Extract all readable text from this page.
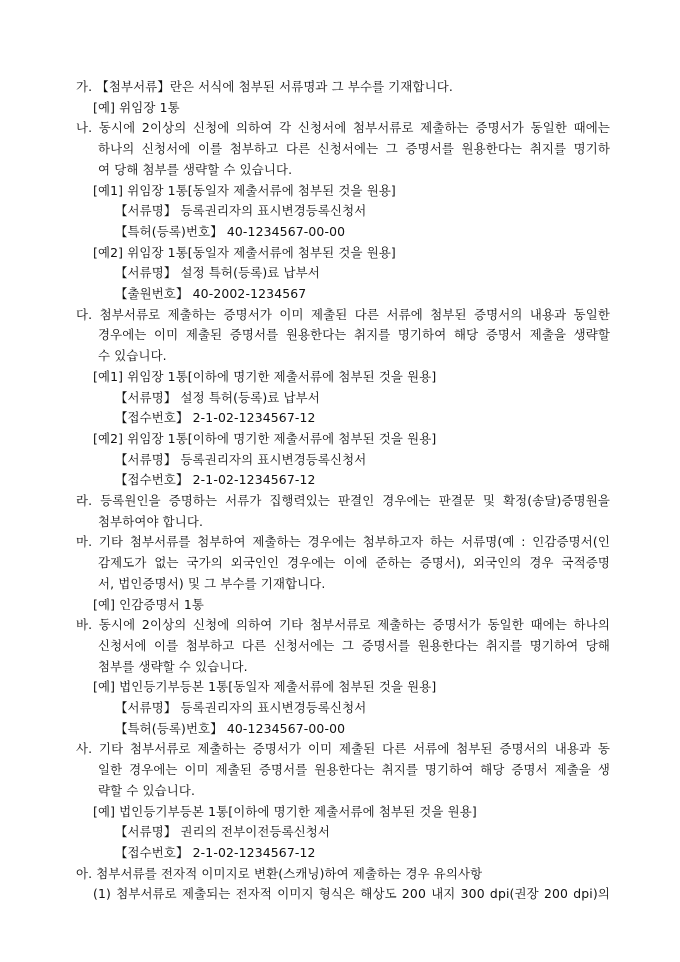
가. 【첨부서류】란은 서식에 첨부된 서류명과 그 부수를 기재합니다.
[예] 위임장 1통
나. 동시에 2이상의 신청에 의하여 각 신청서에 첨부서류로 제출하는 증명서가 동일한 때에는
하나의 신청서에 이를 첨부하고 다른 신청서에는 그 증명서를 원용한다는 취지를 명기하
여 당해 첨부를 생략할 수 있습니다.
[예1] 위임장 1통[동일자 제출서류에 첨부된 것을 원용]
【서류명】 등록권리자의 표시변경등록신청서
【특허(등록)번호】 40-1234567-00-00
[예2] 위임장 1통[동일자 제출서류에 첨부된 것을 원용]
【서류명】 설정 특허(등록)료 납부서
【출원번호】 40-2002-1234567
다. 첨부서류로 제출하는 증명서가 이미 제출된 다른 서류에 첨부된 증명서의 내용과 동일한
경우에는 이미 제출된 증명서를 원용한다는 취지를 명기하여 해당 증명서 제출을 생략할
수 있습니다.
[예1] 위임장 1통[이하에 명기한 제출서류에 첨부된 것을 원용]
【서류명】 설정 특허(등록)료 납부서
【접수번호】 2-1-02-1234567-12
[예2] 위임장 1통[이하에 명기한 제출서류에 첨부된 것을 원용]
【서류명】 등록권리자의 표시변경등록신청서
【접수번호】 2-1-02-1234567-12
라. 등록원인을 증명하는 서류가 집행력있는 판결인 경우에는 판결문 및 확정(송달)증명원을
첨부하여야 합니다.
마. 기타 첨부서류를 첨부하여 제출하는 경우에는 첨부하고자 하는 서류명(예 : 인감증명서(인
감제도가 없는 국가의 외국인인 경우에는 이에 준하는 증명서), 외국인의 경우 국적증명
서, 법인증명서) 및 그 부수를 기재합니다.
[예] 인감증명서 1통
바. 동시에 2이상의 신청에 의하여 기타 첨부서류로 제출하는 증명서가 동일한 때에는 하나의
신청서에 이를 첨부하고 다른 신청서에는 그 증명서를 원용한다는 취지를 명기하여 당해
첨부를 생략할 수 있습니다.
[예] 법인등기부등본 1통[동일자 제출서류에 첨부된 것을 원용]
【서류명】 등록권리자의 표시변경등록신청서
【특허(등록)번호】 40-1234567-00-00
사. 기타 첨부서류로 제출하는 증명서가 이미 제출된 다른 서류에 첨부된 증명서의 내용과 동
일한 경우에는 이미 제출된 증명서를 원용한다는 취지를 명기하여 해당 증명서 제출을 생
략할 수 있습니다.
[예] 법인등기부등본 1통[이하에 명기한 제출서류에 첨부된 것을 원용]
【서류명】 권리의 전부이전등록신청서
【접수번호】 2-1-02-1234567-12
아. 첨부서류를 전자적 이미지로 변환(스캐닝)하여 제출하는 경우 유의사항
(1) 첨부서류로 제출되는 전자적 이미지 형식은 해상도 200 내지 300 dpi(권장 200 dpi)의
